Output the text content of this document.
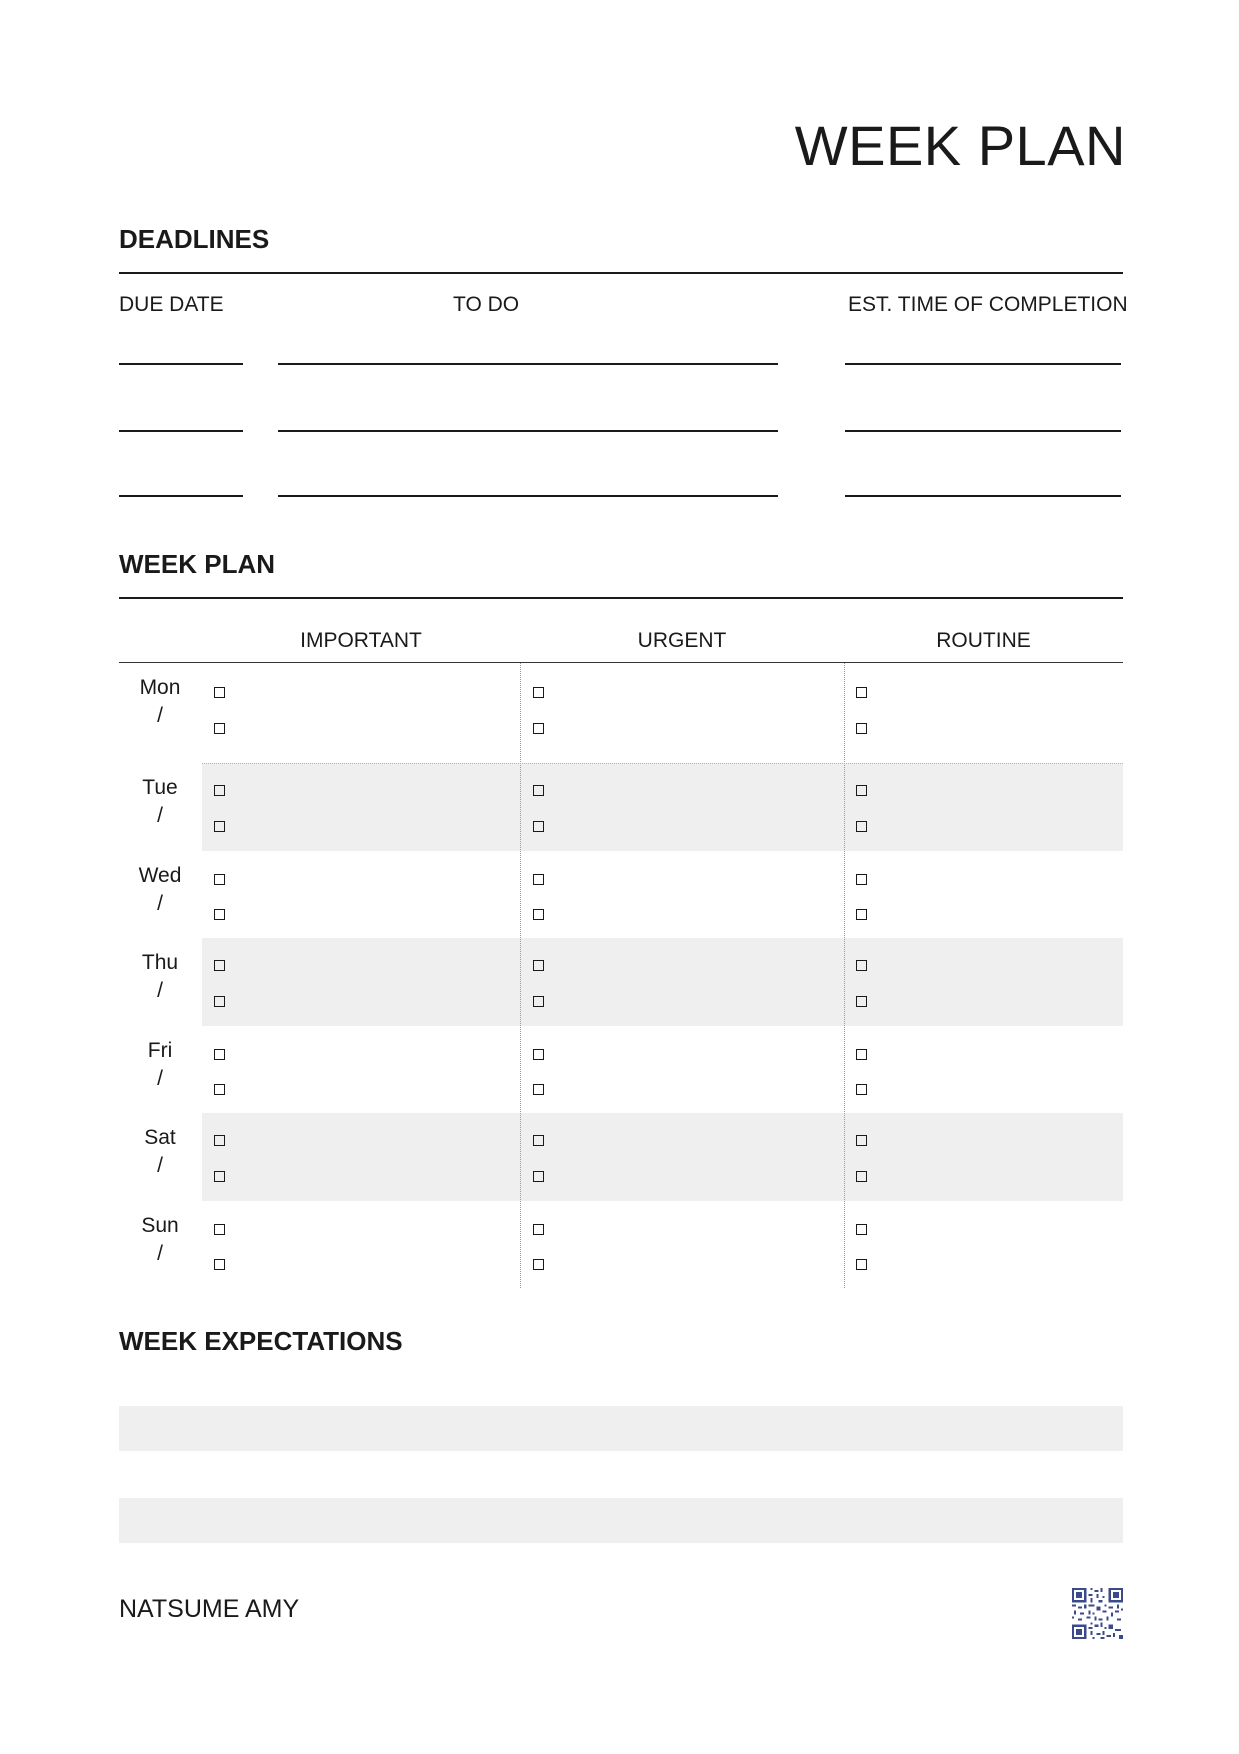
WEEK PLAN
DEADLINES
DUE DATE	TO DO	EST. TIME OF COMPLETION
WEEK PLAN
IMPORTANT	URGENT	ROUTINE
Mon
/
Tue
/
Wed
/
Thu
/
Fri
/
Sat
/
Sun
/
WEEK EXPECTATIONS
NATSUME AMY
